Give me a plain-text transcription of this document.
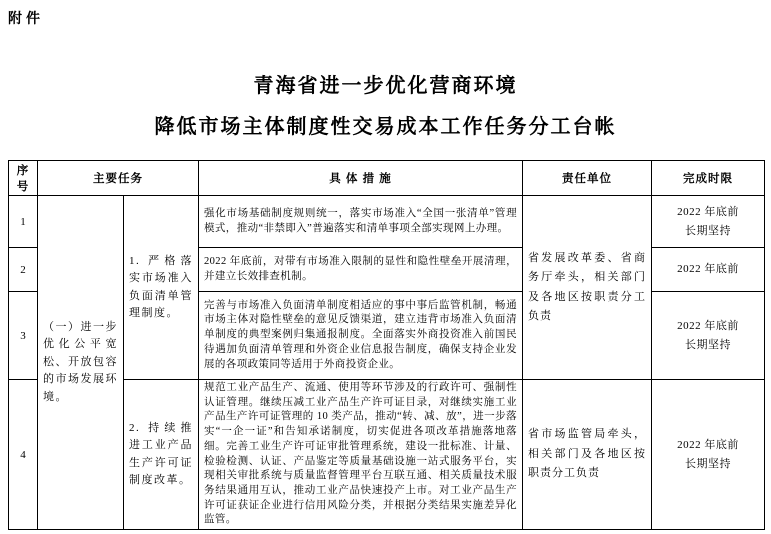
附件
青海省进一步优化营商环境
降低市场主体制度性交易成本工作任务分工台帐
序号	主要任务		具 体 措 施	责任单位	完成时限
1	（一）进一步优化公平宽松、开放包容的市场发展环境。	1. 严格落实市场准入负面清单管理制度。	强化市场基础制度规则统一，落实市场准入“全国一张清单”管理模式，推动“非禁即入”普遍落实和清单事项全部实现网上办理。	省发展改革委、省商务厅牵头，相关部门及各地区按职责分工负责	2022 年底前
长期坚持

2			2022 年底前，对带有市场准入限制的显性和隐性壁垒开展清理，并建立长效排查机制。		2022 年底前

3			完善与市场准入负面清单制度相适应的事中事后监管机制，畅通市场主体对隐性壁垒的意见反馈渠道，建立违背市场准入负面清单制度的典型案例归集通报制度。全面落实外商投资准入前国民待遇加负面清单管理和外资企业信息报告制度，确保支持企业发展的各项政策同等适用于外商投资企业。		2022 年底前
长期坚持

4		2. 持续推进工业产品生产许可证制度改革。	规范工业产品生产、流通、使用等环节涉及的行政许可、强制性认证管理。继续压减工业产品生产许可证目录，对继续实施工业产品生产许可证管理的 10 类产品，推动“转、减、放”，进一步落实“一企一证”和告知承诺制度，切实促进各项改革措施落地落细。完善工业生产许可证审批管理系统，建设一批标准、计量、检验检测、认证、产品鉴定等质量基础设施一站式服务平台，实现相关审批系统与质量监督管理平台互联互通、相关质量技术服务结果通用互认，推动工业产品快速投产上市。对工业产品生产许可证获证企业进行信用风险分类，并根据分类结果实施差异化监管。	省市场监管局牵头，相关部门及各地区按职责分工负责	2022 年底前
长期坚持
